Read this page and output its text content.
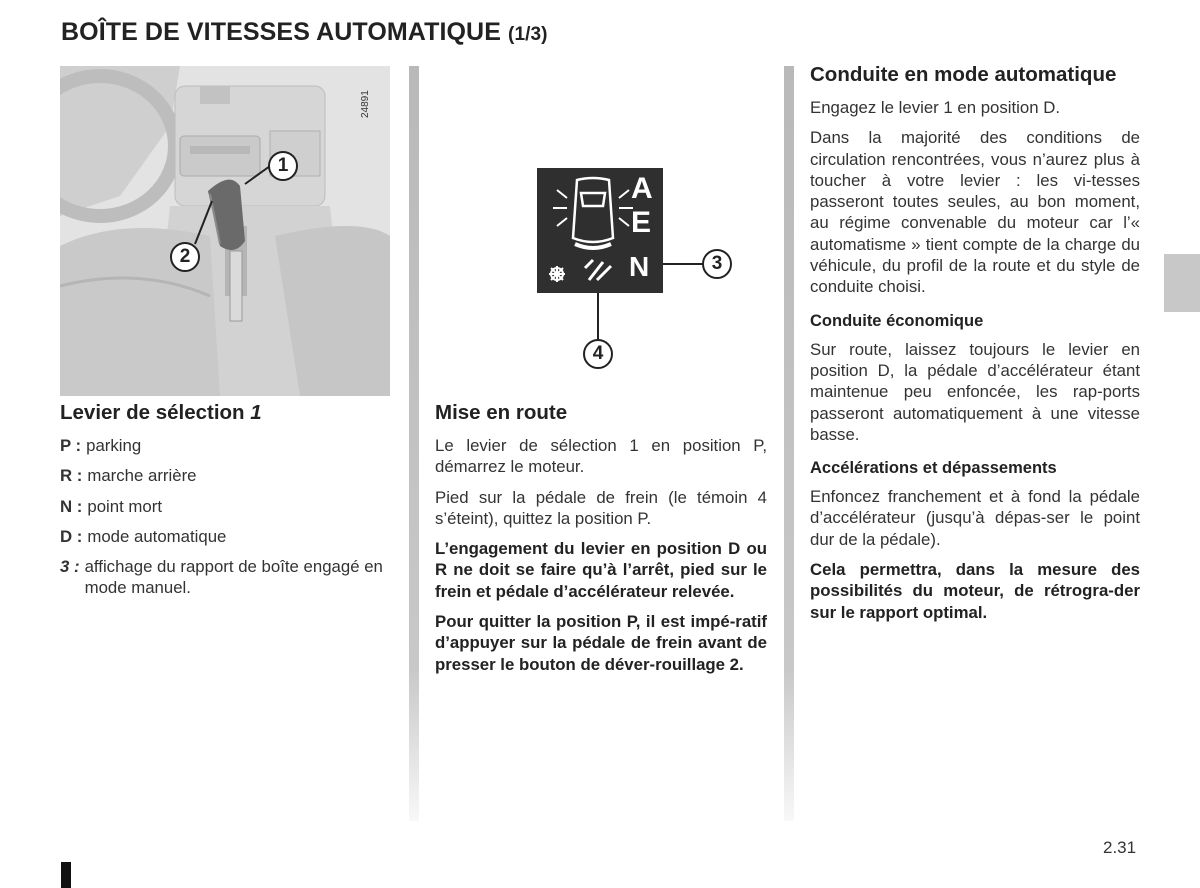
BOÎTE DE VITESSES AUTOMATIQUE (1/3)
24891
1
2
A
E
N	3
4
Levier de sélection 1
P : parking
R : marche arrière
N : point mort
D : mode automatique
3 : affichage du rapport de boîte engagé en mode manuel.
Mise en route

Le levier de sélection 1 en position P, démarrez le moteur.

Pied sur la pédale de frein (le témoin 4 s’éteint), quittez la position P.

L’engagement du levier en position D ou R ne doit se faire qu’à l’arrêt, pied sur le frein et pédale d’accélérateur relevée.

Pour quitter la position P, il est impé-ratif d’appuyer sur la pédale de frein avant de presser le bouton de déver-rouillage 2.

Conduite en mode automatique

Engagez le levier 1 en position D.

Dans la majorité des conditions de circulation rencontrées, vous n’aurez plus à toucher à votre levier : les vi-tesses passeront toutes seules, au bon moment, au régime convenable du moteur car l’« automatisme » tient compte de la charge du véhicule, du profil de la route et du style de conduite choisi.

Conduite économique

Sur route, laissez toujours le levier en position D, la pédale d’accélérateur étant maintenue peu enfoncée, les rap-ports passeront automatiquement à une vitesse basse.

Accélérations et dépassements

Enfoncez franchement et à fond la pédale d’accélérateur (jusqu’à dépas-ser le point dur de la pédale).

Cela permettra, dans la mesure des possibilités du moteur, de rétrogra-der sur le rapport optimal.

2.31
